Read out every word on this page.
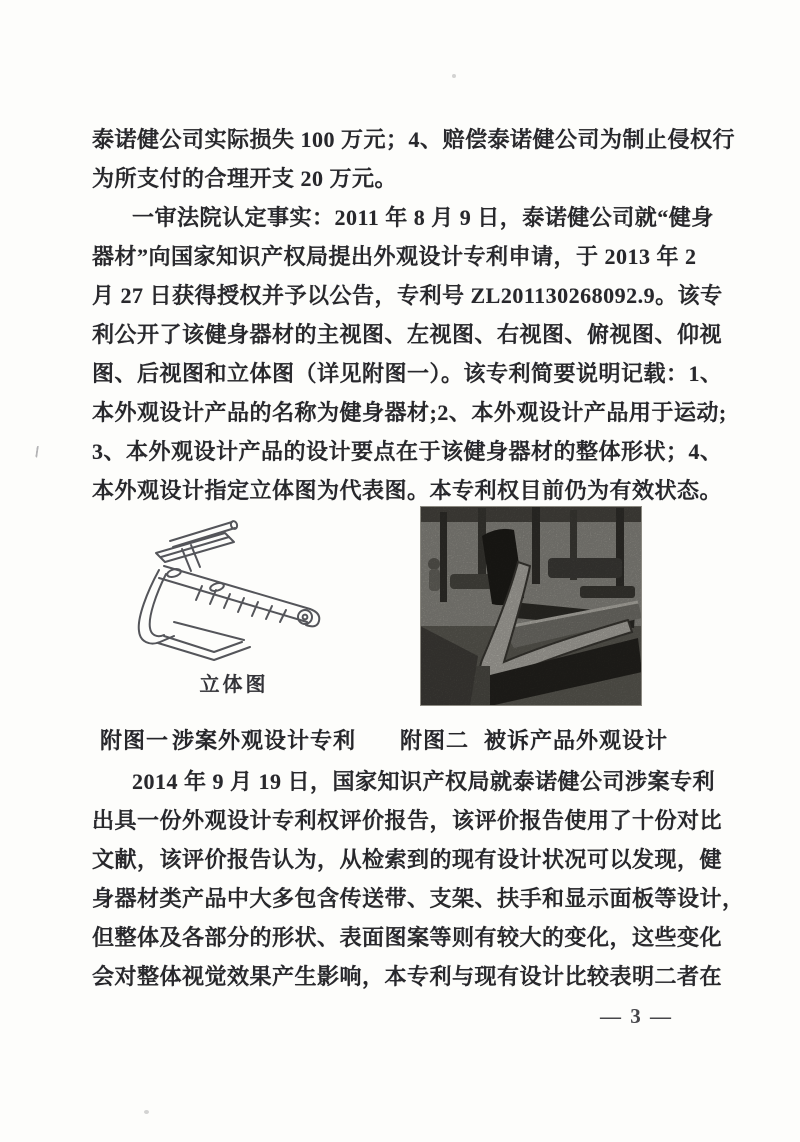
泰诺健公司实际损失 100 万元；4、赔偿泰诺健公司为制止侵权行
为所支付的合理开支 20 万元。
一审法院认定事实：2011 年 8 月 9 日，泰诺健公司就“健身
器材”向国家知识产权局提出外观设计专利申请，于 2013 年 2
月 27 日获得授权并予以公告，专利号 ZL201130268092.9。该专
利公开了该健身器材的主视图、左视图、右视图、俯视图、仰视
图、后视图和立体图（详见附图一）。该专利简要说明记载：1、
本外观设计产品的名称为健身器材;2、本外观设计产品用于运动;
3、本外观设计产品的设计要点在于该健身器材的整体形状；4、
本外观设计指定立体图为代表图。本专利权目前仍为有效状态。
立体图
附图一 涉案外观设计专利 附图二 被诉产品外观设计
2014 年 9 月 19 日，国家知识产权局就泰诺健公司涉案专利
出具一份外观设计专利权评价报告，该评价报告使用了十份对比
文献，该评价报告认为，从检索到的现有设计状况可以发现，健
身器材类产品中大多包含传送带、支架、扶手和显示面板等设计，
但整体及各部分的形状、表面图案等则有较大的变化，这些变化
会对整体视觉效果产生影响，本专利与现有设计比较表明二者在
— 3 —
